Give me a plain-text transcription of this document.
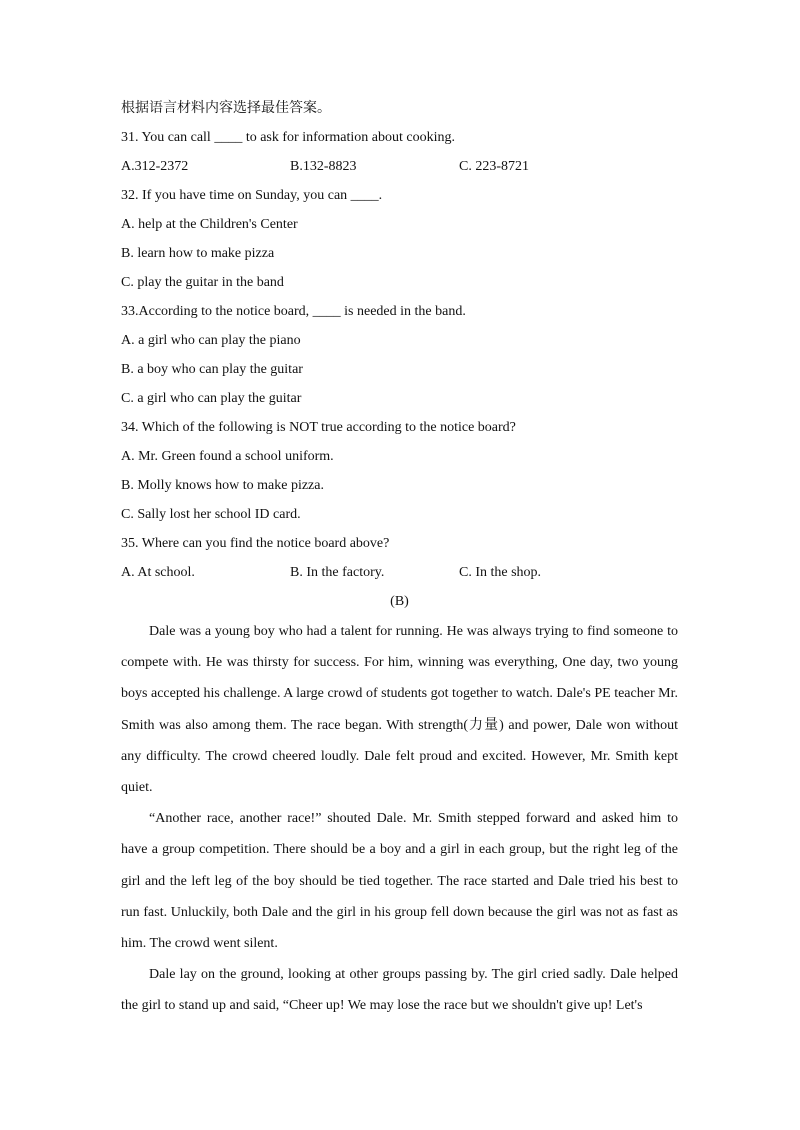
根据语言材料内容选择最佳答案。
31. You can call ____ to ask for information about cooking.
A.312-2372	B.132-8823	C. 223-8721
32. If you have time on Sunday, you can ____.
A. help at the Children's Center
B. learn how to make pizza
C. play the guitar in the band
33.According to the notice board, ____ is needed in the band.
A. a girl who can play the piano
B. a boy who can play the guitar
C. a girl who can play the guitar
34. Which of the following is NOT true according to the notice board?
A. Mr. Green found a school uniform.
B. Molly knows how to make pizza.
C. Sally lost her school ID card.
35. Where can you find the notice board above?
A. At school.	B. In the factory.	C. In the shop.
(B)

Dale was a young boy who had a talent for running. He was always trying to find someone to compete with. He was thirsty for success. For him, winning was everything, One day, two young boys accepted his challenge. A large crowd of students got together to watch. Dale's PE teacher Mr. Smith was also among them. The race began. With strength(力量) and power, Dale won without any difficulty. The crowd cheered loudly. Dale felt proud and excited. However, Mr. Smith kept quiet.

“Another race, another race!” shouted Dale. Mr. Smith stepped forward and asked him to have a group competition. There should be a boy and a girl in each group, but the right leg of the girl and the left leg of the boy should be tied together. The race started and Dale tried his best to run fast. Unluckily, both Dale and the girl in his group fell down because the girl was not as fast as him. The crowd went silent.

Dale lay on the ground, looking at other groups passing by. The girl cried sadly. Dale helped the girl to stand up and said, “Cheer up! We may lose the race but we shouldn't give up! Let's
